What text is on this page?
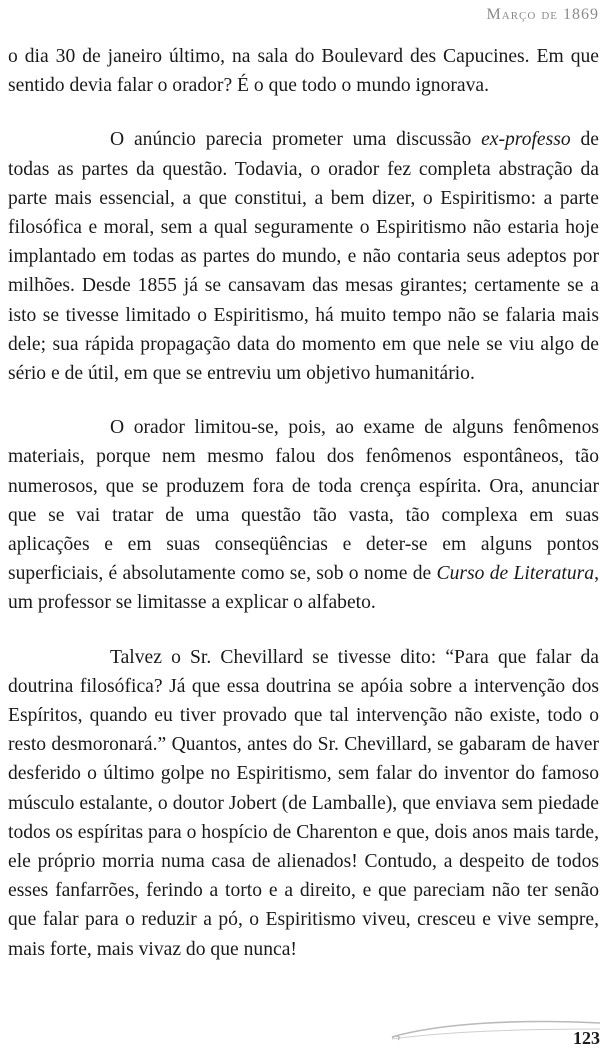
Março de 1869

o dia 30 de janeiro último, na sala do Boulevard des Capucines. Em que sentido devia falar o orador? É o que todo o mundo ignorava.

O anúncio parecia prometer uma discussão ex-professo de todas as partes da questão. Todavia, o orador fez completa abstração da parte mais essencial, a que constitui, a bem dizer, o Espiritismo: a parte filosófica e moral, sem a qual seguramente o Espiritismo não estaria hoje implantado em todas as partes do mundo, e não contaria seus adeptos por milhões. Desde 1855 já se cansavam das mesas girantes; certamente se a isto se tivesse limitado o Espiritismo, há muito tempo não se falaria mais dele; sua rápida propagação data do momento em que nele se viu algo de sério e de útil, em que se entreviu um objetivo humanitário.

O orador limitou-se, pois, ao exame de alguns fenômenos materiais, porque nem mesmo falou dos fenômenos espontâneos, tão numerosos, que se produzem fora de toda crença espírita. Ora, anunciar que se vai tratar de uma questão tão vasta, tão complexa em suas aplicações e em suas conseqüências e deter-se em alguns pontos superficiais, é absolutamente como se, sob o nome de Curso de Literatura, um professor se limitasse a explicar o alfabeto.

Talvez o Sr. Chevillard se tivesse dito: “Para que falar da doutrina filosófica? Já que essa doutrina se apóia sobre a intervenção dos Espíritos, quando eu tiver provado que tal intervenção não existe, todo o resto desmoronará.” Quantos, antes do Sr. Chevillard, se gabaram de haver desferido o último golpe no Espiritismo, sem falar do inventor do famoso músculo estalante, o doutor Jobert (de Lamballe), que enviava sem piedade todos os espíritas para o hospício de Charenton e que, dois anos mais tarde, ele próprio morria numa casa de alienados! Contudo, a despeito de todos esses fanfarrões, ferindo a torto e a direito, e que pareciam não ter senão que falar para o reduzir a pó, o Espiritismo viveu, cresceu e vive sempre, mais forte, mais vivaz do que nunca!

123
